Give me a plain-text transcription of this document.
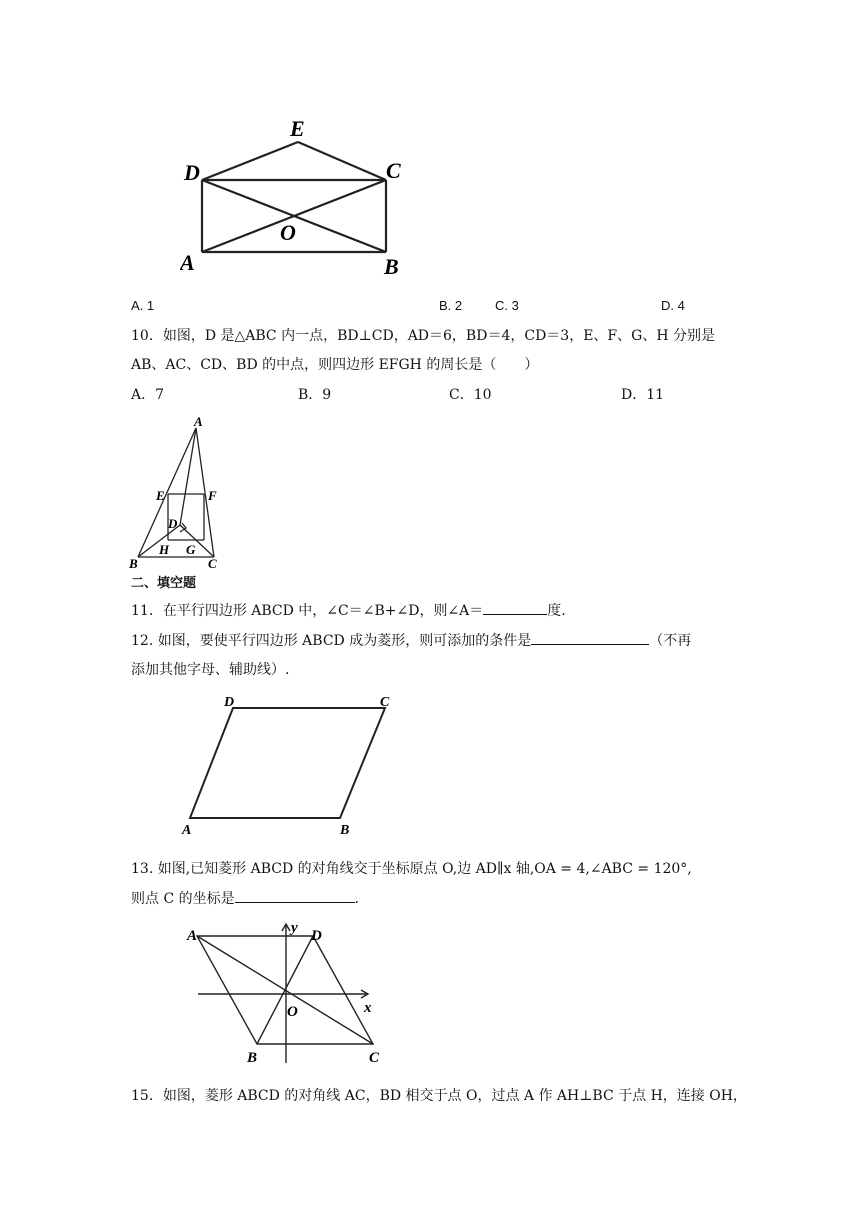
E
D	C
O
A	B
A. 1	B. 2	C. 3	D. 4
10．如图，D 是△ABC 内一点，BD⊥CD，AD＝6，BD＝4，CD＝3，E、F、G、H 分别是
AB、AC、CD、BD 的中点，则四边形 EFGH 的周长是（　　）
A．7	B．9	C．10	D．11
A
E	F
D
B
H G
C
二、填空题
11．在平行四边形 ABCD 中，∠C＝∠B+∠D，则∠A＝	度.
12. 如图，要使平行四边形 ABCD 成为菱形，则可添加的条件是	（不再
添加其他字母、辅助线）.
D	C
A	B
13. 如图,已知菱形 ABCD 的对角线交于坐标原点 O,边 AD∥x 轴,OA = 4,∠ABC = 120°,
则点 C 的坐标是	.
A	y D
x
O
B	C
15．如图，菱形 ABCD 的对角线 AC，BD 相交于点 O，过点 A 作 AH⊥BC 于点 H，连接 OH，
